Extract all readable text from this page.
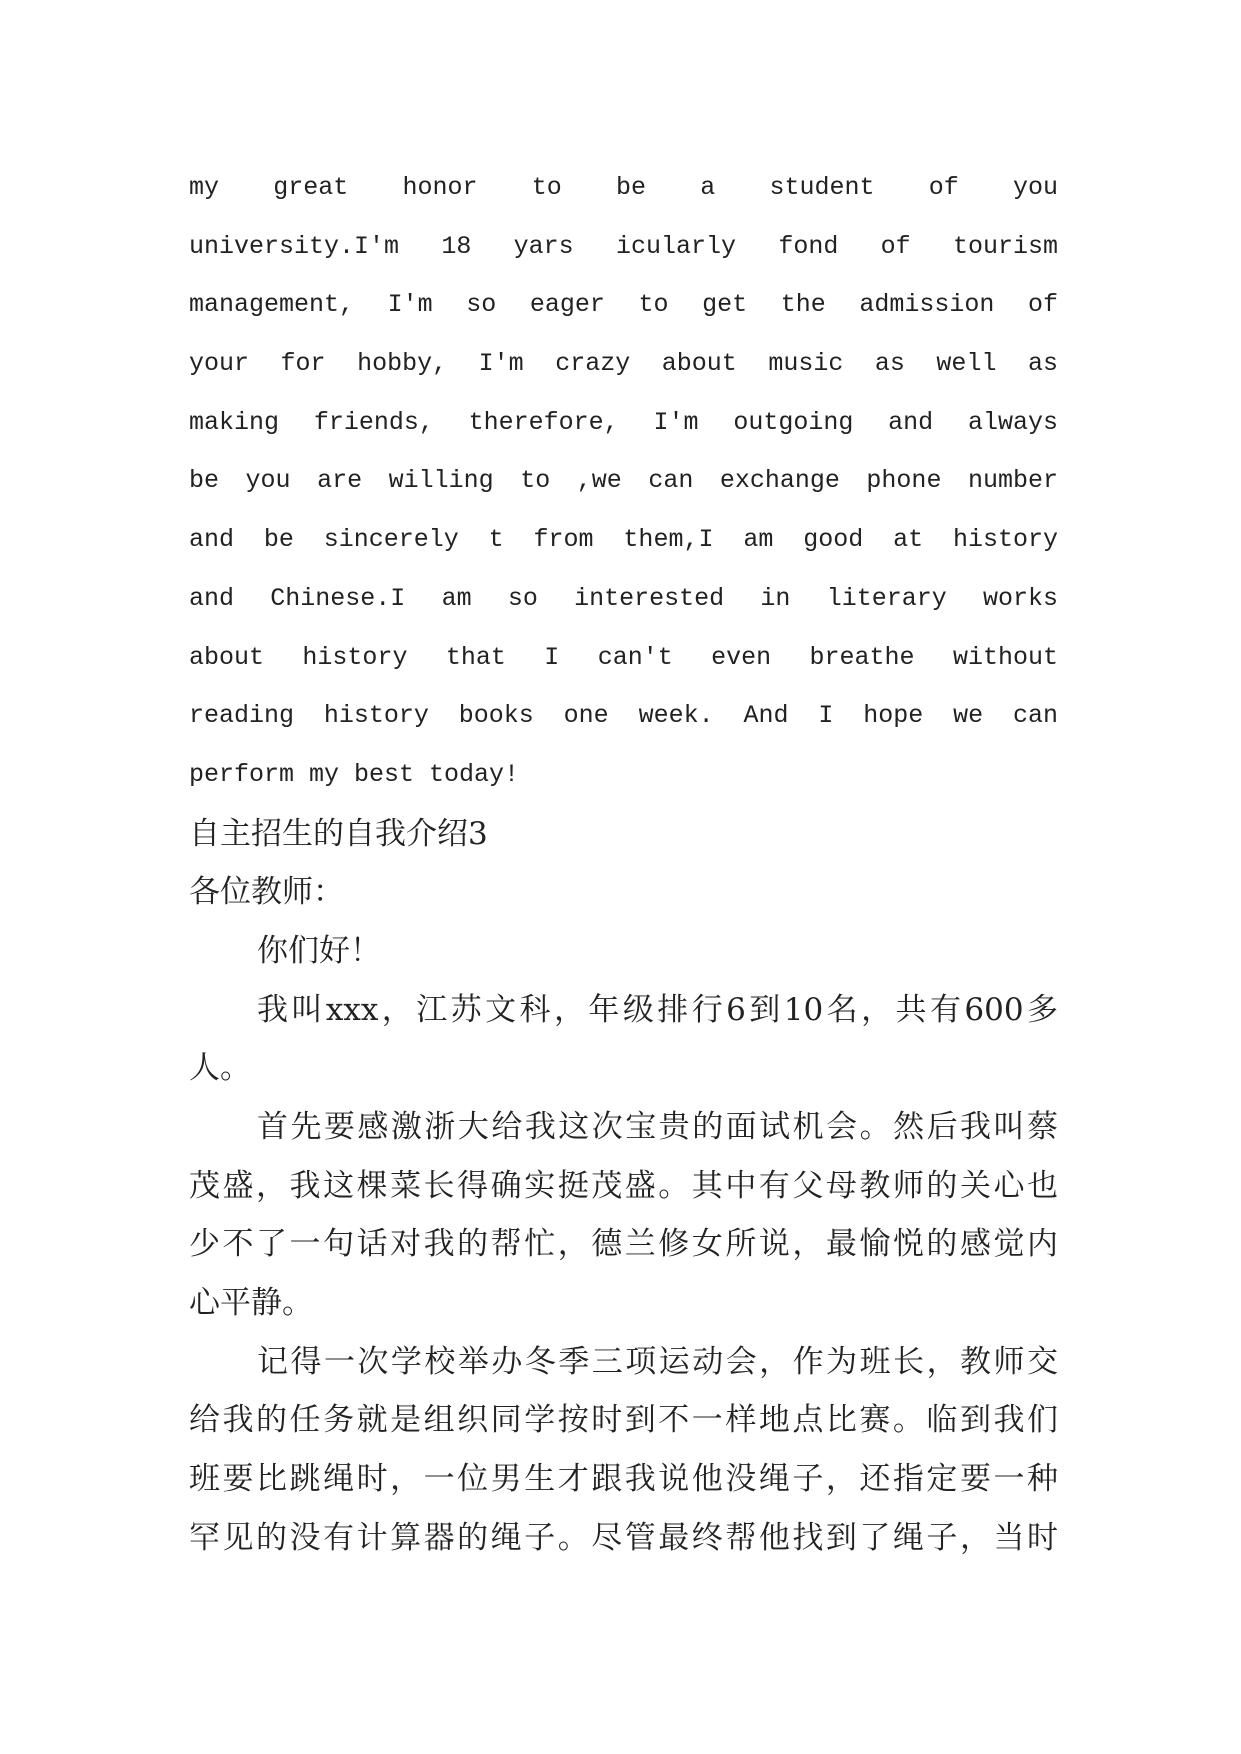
my great honor to be a student of you
university.I'm 18 yars icularly fond of tourism
management, I'm so eager to get the admission of
your for hobby, I'm crazy about music as well as
making friends, therefore, I'm outgoing and always
be you are willing to ,we can exchange phone number
and be sincerely t from them,I am good at history
and Chinese.I am so interested in literary works
about history that I can't even breathe without
reading history books one week. And I hope we can
perform my best today!
自主招生的自我介绍3
各位教师：
你们好！
我叫xxx，江苏文科，年级排行6到10名，共有600多
人。
首先要感激浙大给我这次宝贵的面试机会。然后我叫蔡
茂盛，我这棵菜长得确实挺茂盛。其中有父母教师的关心也
少不了一句话对我的帮忙，德兰修女所说，最愉悦的感觉内
心平静。
记得一次学校举办冬季三项运动会，作为班长，教师交
给我的任务就是组织同学按时到不一样地点比赛。临到我们
班要比跳绳时，一位男生才跟我说他没绳子，还指定要一种
罕见的没有计算器的绳子。尽管最终帮他找到了绳子，当时
